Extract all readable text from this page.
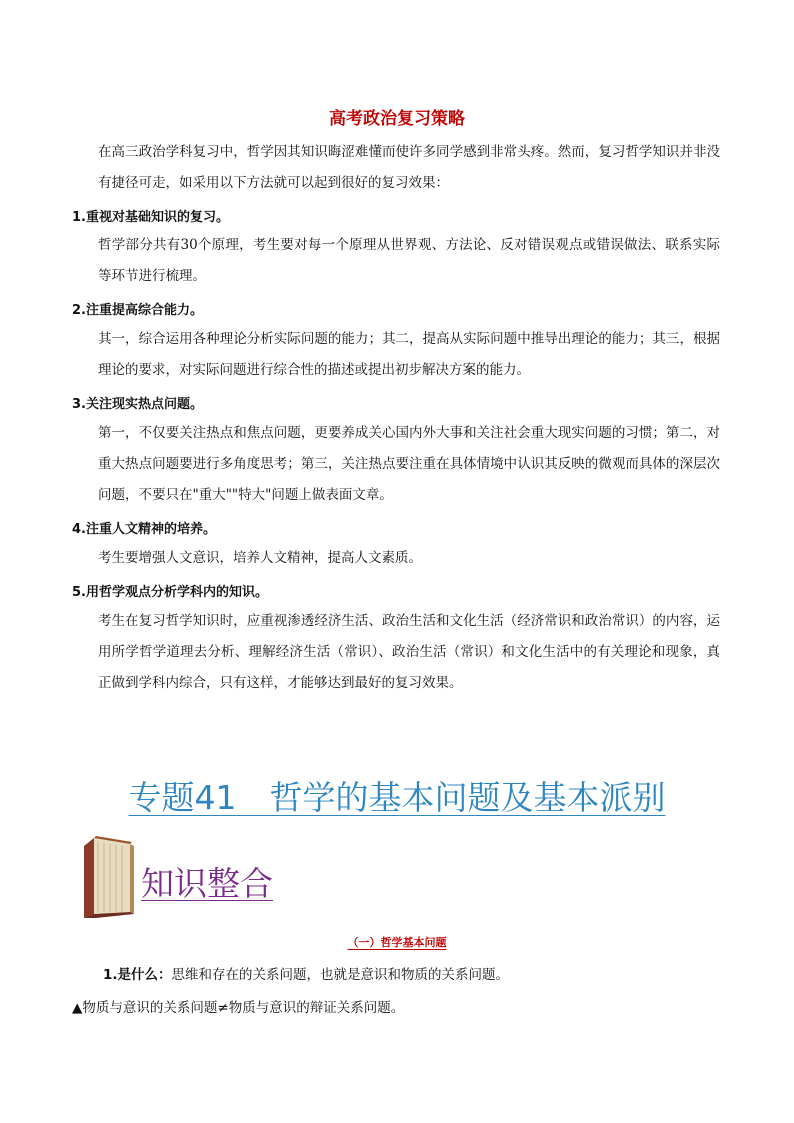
高考政治复习策略
在高三政治学科复习中，哲学因其知识晦涩难懂而使许多同学感到非常头疼。然而，复习哲学知识并非没有捷径可走，如采用以下方法就可以起到很好的复习效果：
1.重视对基础知识的复习。
哲学部分共有30个原理，考生要对每一个原理从世界观、方法论、反对错误观点或错误做法、联系实际等环节进行梳理。
2.注重提高综合能力。
其一，综合运用各种理论分析实际问题的能力；其二，提高从实际问题中推导出理论的能力；其三，根据理论的要求，对实际问题进行综合性的描述或提出初步解决方案的能力。
3.关注现实热点问题。
第一，不仅要关注热点和焦点问题，更要养成关心国内外大事和关注社会重大现实问题的习惯；第二，对重大热点问题要进行多角度思考；第三，关注热点要注重在具体情境中认识其反映的微观而具体的深层次问题，不要只在"重大""特大"问题上做表面文章。
4.注重人文精神的培养。
考生要增强人文意识，培养人文精神，提高人文素质。
5.用哲学观点分析学科内的知识。
考生在复习哲学知识时，应重视渗透经济生活、政治生活和文化生活（经济常识和政治常识）的内容，运用所学哲学道理去分析、理解经济生活（常识）、政治生活（常识）和文化生活中的有关理论和现象，真正做到学科内综合，只有这样，才能够达到最好的复习效果。
专题41　哲学的基本问题及基本派别
知识整合
（一）哲学基本问题
1.是什么：思维和存在的关系问题，也就是意识和物质的关系问题。
▲物质与意识的关系问题≠物质与意识的辩证关系问题。
